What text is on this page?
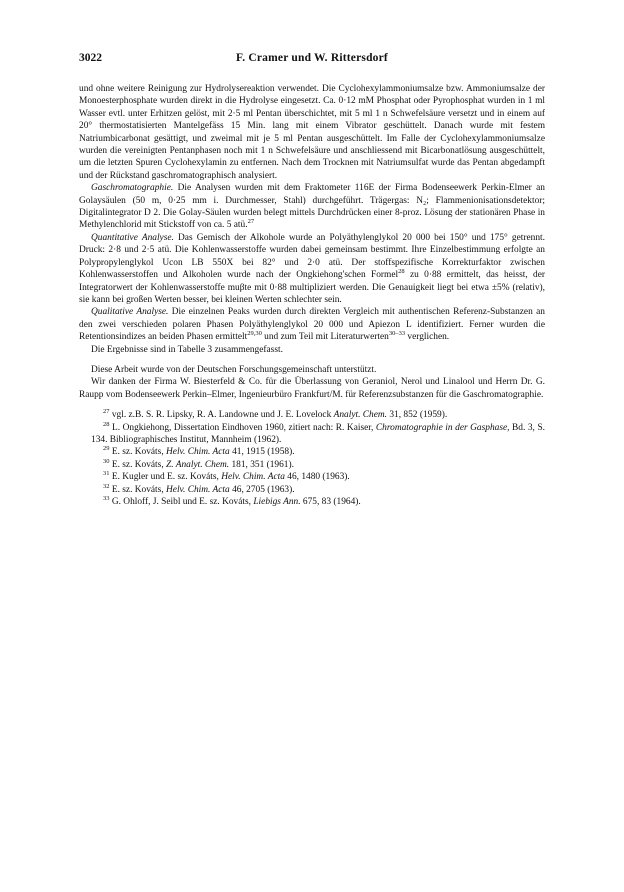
3022	F. Cramer und W. Rittersdorf

und ohne weitere Reinigung zur Hydrolysereaktion verwendet. Die Cyclohexylammoniumsalze bzw. Ammoniumsalze der Monoesterphosphate wurden direkt in die Hydrolyse eingesetzt. Ca. 0·12 mM Phosphat oder Pyrophosphat wurden in 1 ml Wasser evtl. unter Erhitzen gelöst, mit 2·5 ml Pentan überschichtet, mit 5 ml 1 n Schwefelsäure versetzt und in einem auf 20° thermostatisierten Mantelgefäss 15 Min. lang mit einem Vibrator geschüttelt. Danach wurde mit festem Natriumbicarbonat gesättigt, und zweimal mit je 5 ml Pentan ausgeschüttelt. Im Falle der Cyclohexylammoniumsalze wurden die vereinigten Pentanphasen noch mit 1 n Schwefelsäure und anschliessend mit Bicarbonatlösung ausgeschüttelt, um die letzten Spuren Cyclohexylamin zu entfernen. Nach dem Trocknen mit Natriumsulfat wurde das Pentan abgedampft und der Rückstand gaschromatographisch analysiert.

Gaschromatographie. Die Analysen wurden mit dem Fraktometer 116E der Firma Bodenseewerk Perkin-Elmer an Golaysäulen (50 m, 0·25 mm i. Durchmesser, Stahl) durchgeführt. Trägergas: N₂; Flammenionisationsdetektor; Digitalintegrator D 2. Die Golay-Säulen wurden belegt mittels Durchdrücken einer 8-proz. Lösung der stationären Phase in Methylenchlorid mit Stickstoff von ca. 5 atü.$^{27}$

Quantitative Analyse. Das Gemisch der Alkohole wurde an Polyäthylenglykol 20 000 bei 150° und 175° getrennt. Druck: 2·8 und 2·5 atü. Die Kohlenwasserstoffe wurden dabei gemeinsam bestimmt. Ihre Einzelbestimmung erfolgte an Polypropylenglykol Ucon LB 550X bei 82° und 2·0 atü. Der stoffspezifische Korrekturfaktor zwischen Kohlenwasserstoffen und Alkoholen wurde nach der Ongkiehong'schen Formel$^{28}$ zu 0·88 ermittelt, das heisst, der Integratorwert der Kohlenwasserstoffe muβte mit 0·88 multipliziert werden. Die Genauigkeit liegt bei etwa ±5% (relativ), sie kann bei großen Werten besser, bei kleinen Werten schlechter sein.

Qualitative Analyse. Die einzelnen Peaks wurden durch direkten Vergleich mit authentischen Referenz-Substanzen an den zwei verschieden polaren Phasen Polyäthylenglykol 20 000 und Apiezon L identifiziert. Ferner wurden die Retentionsindizes an beiden Phasen ermittelt$^{29,30}$ und zum Teil mit Literaturwerten$^{30-33}$ verglichen.

Die Ergebnisse sind in Tabelle 3 zusammengefasst.

Diese Arbeit wurde von der Deutschen Forschungsgemeinschaft unterstützt.

Wir danken der Firma W. Biesterfeld & Co. für die Überlassung von Geraniol, Nerol und Linalool und Herrn Dr. G. Raupp vom Bodenseewerk Perkin–Elmer, Ingenieurbüro Frankfurt/M. für Referenzsubstanzen für die Gaschromatographie.

$^{27}$ vgl. z.B. S. R. Lipsky, R. A. Landowne und J. E. Lovelock Analyt. Chem. 31, 852 (1959).

$^{28}$ L. Ongkiehong, Dissertation Eindhoven 1960, zitiert nach: R. Kaiser, Chromatographie in der Gasphase, Bd. 3, S. 134. Bibliographisches Institut, Mannheim (1962).

$^{29}$ E. sz. Kováts, Helv. Chim. Acta 41, 1915 (1958).

$^{30}$ E. sz. Kováts, Z. Analyt. Chem. 181, 351 (1961).

$^{31}$ E. Kugler und E. sz. Kováts, Helv. Chim. Acta 46, 1480 (1963).

$^{32}$ E. sz. Kováts, Helv. Chim. Acta 46, 2705 (1963).

$^{33}$ G. Ohloff, J. Seibl und E. sz. Kováts, Liebigs Ann. 675, 83 (1964).
